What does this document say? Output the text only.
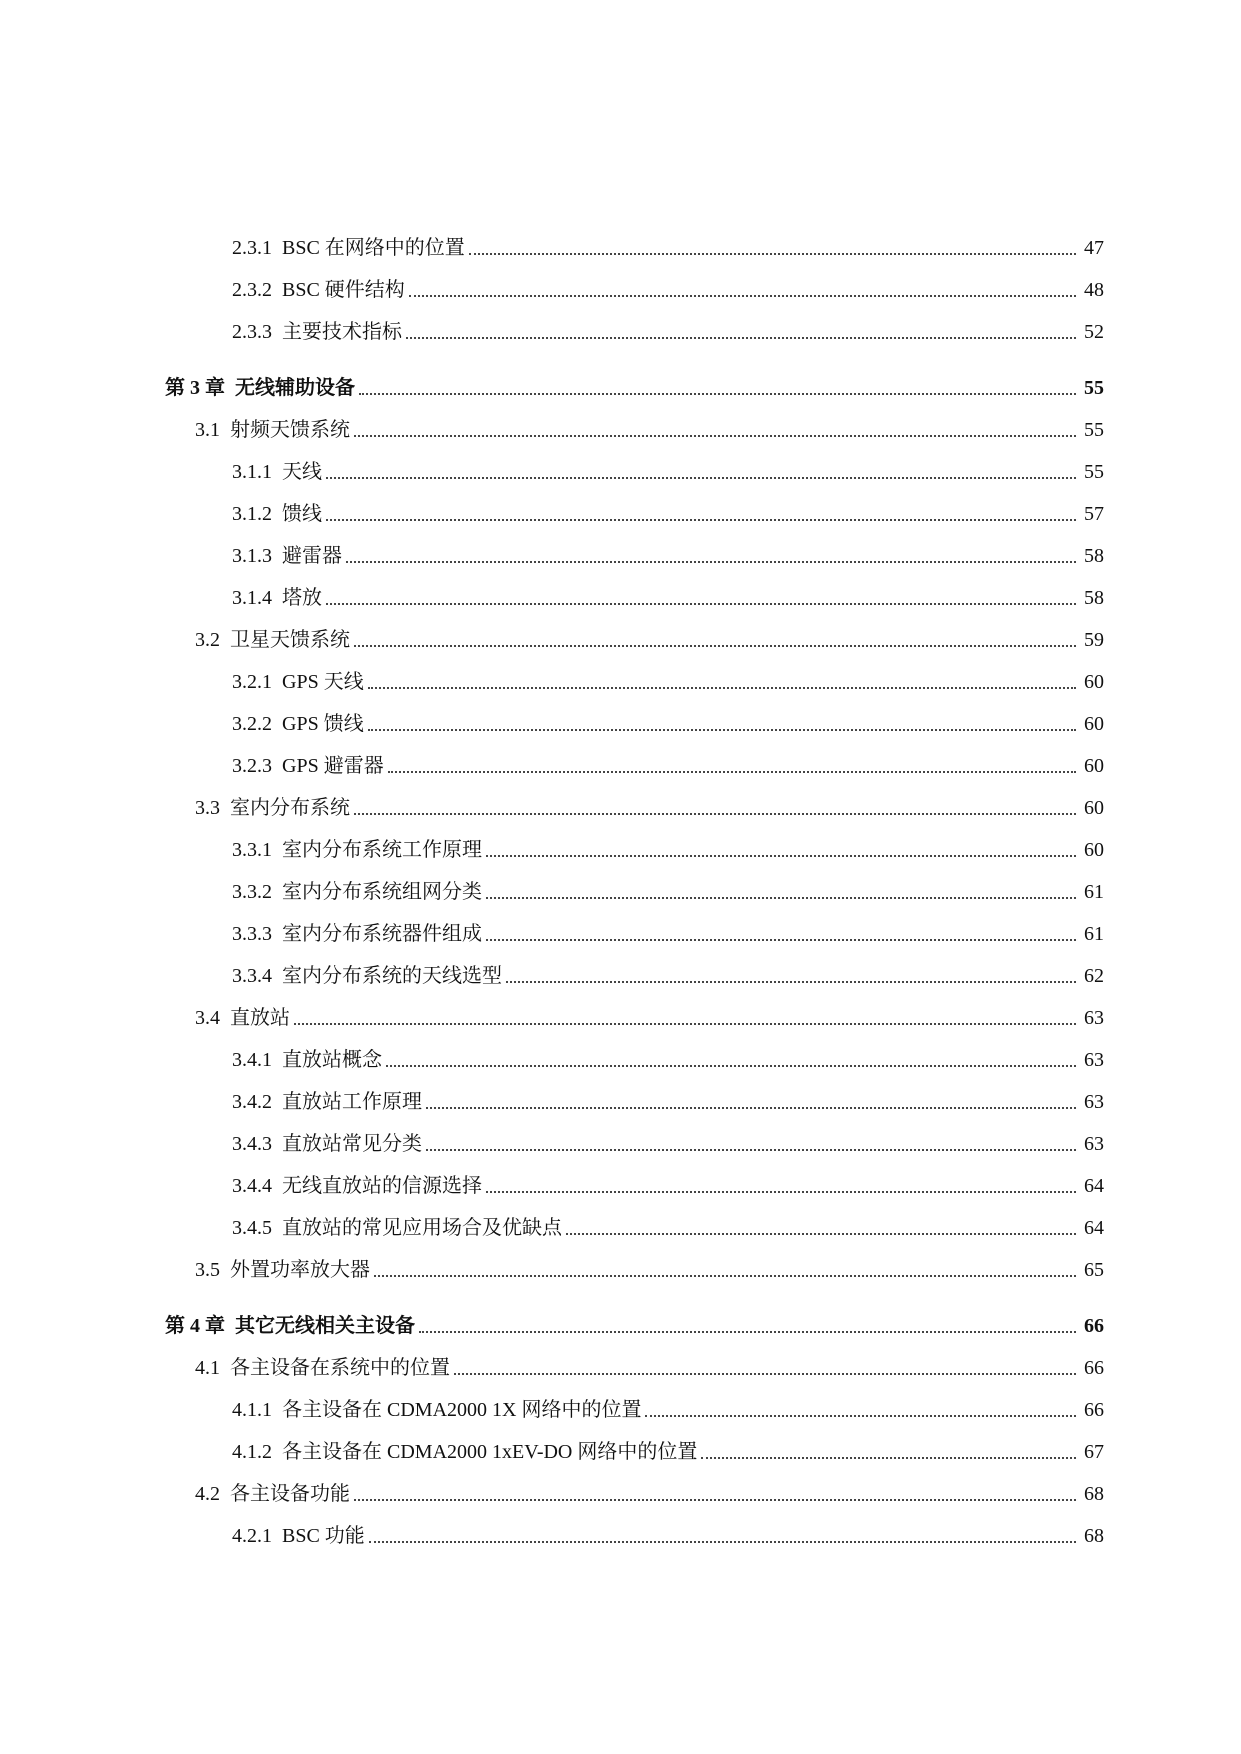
2.3.1 BSC 在网络中的位置	47
2.3.2 BSC 硬件结构	48
2.3.3 主要技术指标	52
第 3 章 无线辅助设备	55
3.1 射频天馈系统	55
3.1.1 天线	55
3.1.2 馈线	57
3.1.3 避雷器	58
3.1.4 塔放	58
3.2 卫星天馈系统	59
3.2.1 GPS 天线	60
3.2.2 GPS 馈线	60
3.2.3 GPS 避雷器	60
3.3 室内分布系统	60
3.3.1 室内分布系统工作原理	60
3.3.2 室内分布系统组网分类	61
3.3.3 室内分布系统器件组成	61
3.3.4 室内分布系统的天线选型	62
3.4 直放站	63
3.4.1 直放站概念	63
3.4.2 直放站工作原理	63
3.4.3 直放站常见分类	63
3.4.4 无线直放站的信源选择	64
3.4.5 直放站的常见应用场合及优缺点	64
3.5 外置功率放大器	65
第 4 章 其它无线相关主设备	66
4.1 各主设备在系统中的位置	66
4.1.1 各主设备在 CDMA2000 1X 网络中的位置	66
4.1.2 各主设备在 CDMA2000 1xEV-DO 网络中的位置	67
4.2 各主设备功能	68
4.2.1 BSC 功能	68
